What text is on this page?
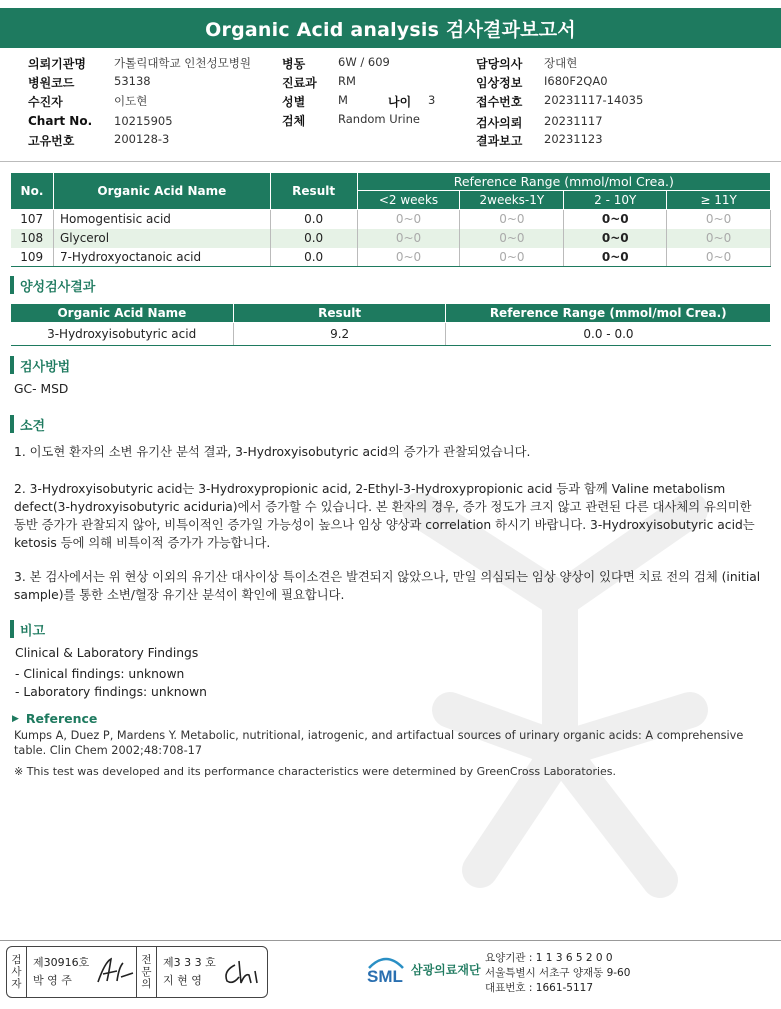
Organic Acid analysis 검사결과보고서
의뢰기관명 가톨릭대학교 인천성모병원
병원코드	53138
수진자	이도현
Chart No. 10215905
고유번호	200128-3
병동	6W / 609
진료과 RM
성별	M	나이 3
검체	Random Urine
담당의사 장대현
임상정보 I680F2QA0
접수번호 20231117-14035
검사의뢰 20231117
결과보고 20231123
No.	Organic Acid Name	Result	Reference Range (mmol/mol Crea.)			
			<2 weeks	2weeks-1Y	2 - 10Y	≥ 11Y
107	Homogentisic acid	0.0	0~0	0~0	0~0	0~0
108	Glycerol	0.0	0~0	0~0	0~0	0~0
109	7-Hydroxyoctanoic acid	0.0	0~0	0~0	0~0	0~0
양성검사결과
Organic Acid Name	Result	Reference Range (mmol/mol Crea.)
3-Hydroxyisobutyric acid	9.2	0.0 - 0.0
검사방법
GC- MSD
소견
1. 이도현 환자의 소변 유기산 분석 결과, 3-Hydroxyisobutyric acid의 증가가 관찰되었습니다.
2. 3-Hydroxyisobutyric acid는 3-Hydroxypropionic acid, 2-Ethyl-3-Hydroxypropionic acid 등과 함께 Valine metabolism defect(3-hydroxyisobutyric aciduria)에서 증가할 수 있습니다. 본 환자의 경우, 증가 정도가 크지 않고 관련된 다른 대사체의 유의미한 동반 증가가 관찰되지 않아, 비특이적인 증가일 가능성이 높으나 임상 양상과 correlation 하시기 바랍니다. 3-Hydroxyisobutyric acid는 ketosis 등에 의해 비특이적 증가가 가능합니다.
3. 본 검사에서는 위 현상 이외의 유기산 대사이상 특이소견은 발견되지 않았으나, 만일 의심되는 임상 양상이 있다면 치료 전의 검체 (initial sample)를 통한 소변/혈장 유기산 분석이 확인에 필요합니다.
비고
Clinical & Laboratory Findings
- Clinical findings: unknown
- Laboratory findings: unknown
▶ Reference
Kumps A, Duez P, Mardens Y. Metabolic, nutritional, iatrogenic, and artifactual sources of urinary organic acids: A comprehensive table. Clin Chem 2002;48:708-17
※ This test was developed and its performance characteristics were determined by GreenCross Laboratories.
검
사
자
제30916호
박 영 주
전
문
의
제3 3 3 호
지 현 영	SML 삼광의료재단
요양기관 : 1 1 3 6 5 2 0 0
서울특별시 서초구 양재동 9-60
대표번호 : 1661-5117
